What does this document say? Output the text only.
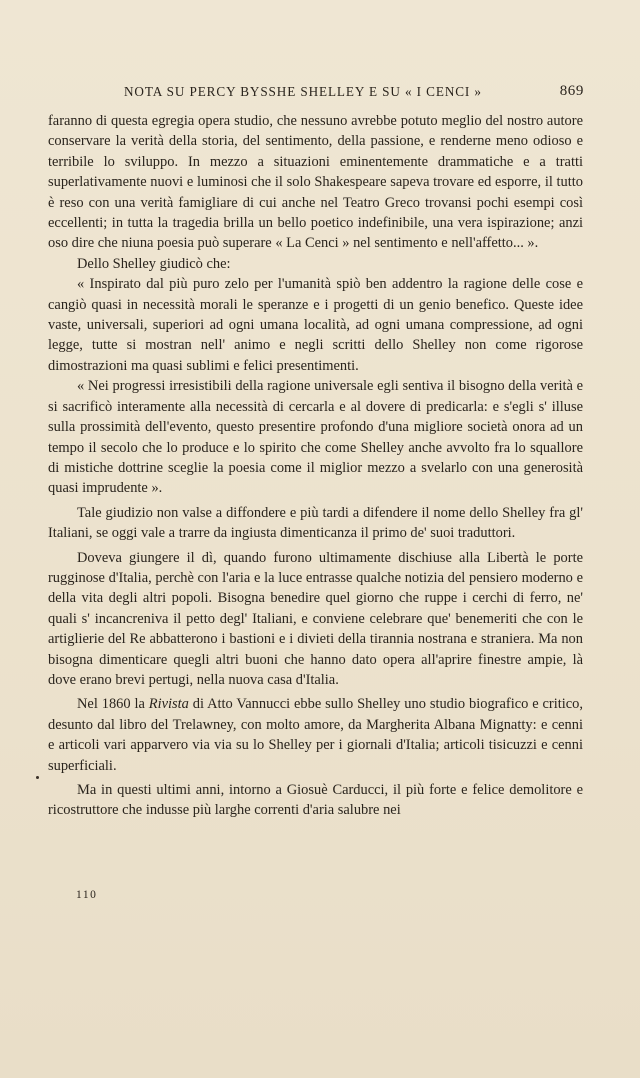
NOTA SU PERCY BYSSHE SHELLEY E SU « I CENCI »	869

faranno di questa egregia opera studio, che nessuno avrebbe potuto meglio del nostro autore conservare la verità della storia, del sentimento, della passione, e renderne meno odioso e terribile lo sviluppo. In mezzo a situazioni eminentemente drammatiche e a tratti superlativamente nuovi e luminosi che il solo Shakespeare sapeva trovare ed esporre, il tutto è reso con una verità famigliare di cui anche nel Teatro Greco trovansi pochi esempi così eccellenti; in tutta la tragedia brilla un bello poetico indefinibile, una vera ispirazione; anzi oso dire che niuna poesia può superare « La Cenci » nel sentimento e nell'affetto... ».

Dello Shelley giudicò che:

« Inspirato dal più puro zelo per l'umanità spiò ben addentro la ragione delle cose e cangiò quasi in necessità morali le speranze e i progetti di un genio benefico. Queste idee vaste, universali, superiori ad ogni umana località, ad ogni umana compressione, ad ogni legge, tutte si mostran nell' animo e negli scritti dello Shelley non come rigorose dimostrazioni ma quasi sublimi e felici presentimenti.

« Nei progressi irresistibili della ragione universale egli sentiva il bisogno della verità e si sacrificò interamente alla necessità di cercarla e al dovere di predicarla: e s'egli s' illuse sulla prossimità dell'evento, questo presentire profondo d'una migliore società onora ad un tempo il secolo che lo produce e lo spirito che come Shelley anche avvolto fra lo squallore di mistiche dottrine sceglie la poesia come il miglior mezzo a svelarlo con una generosità quasi imprudente ».

Tale giudizio non valse a diffondere e più tardi a difendere il nome dello Shelley fra gl' Italiani, se oggi vale a trarre da ingiusta dimenticanza il primo de' suoi traduttori.

Doveva giungere il dì, quando furono ultimamente dischiuse alla Libertà le porte rugginose d'Italia, perchè con l'aria e la luce entrasse qualche notizia del pensiero moderno e della vita degli altri popoli. Bisogna benedire quel giorno che ruppe i cerchi di ferro, ne' quali s' incancreniva il petto degl' Italiani, e conviene celebrare que' benemeriti che con le artiglierie del Re abbatterono i bastioni e i divieti della tirannia nostrana e straniera. Ma non bisogna dimenticare quegli altri buoni che hanno dato opera all'aprire finestre ampie, là dove erano brevi pertugi, nella nuova casa d'Italia.

Nel 1860 la Rivista di Atto Vannucci ebbe sullo Shelley uno studio biografico e critico, desunto dal libro del Trelawney, con molto amore, da Margherita Albana Mignatty: e cenni e articoli vari apparvero via via su lo Shelley per i giornali d'Italia; articoli tisicuzzi e cenni superficiali.

Ma in questi ultimi anni, intorno a Giosuè Carducci, il più forte e felice demolitore e ricostruttore che indusse più larghe correnti d'aria salubre nei

110
